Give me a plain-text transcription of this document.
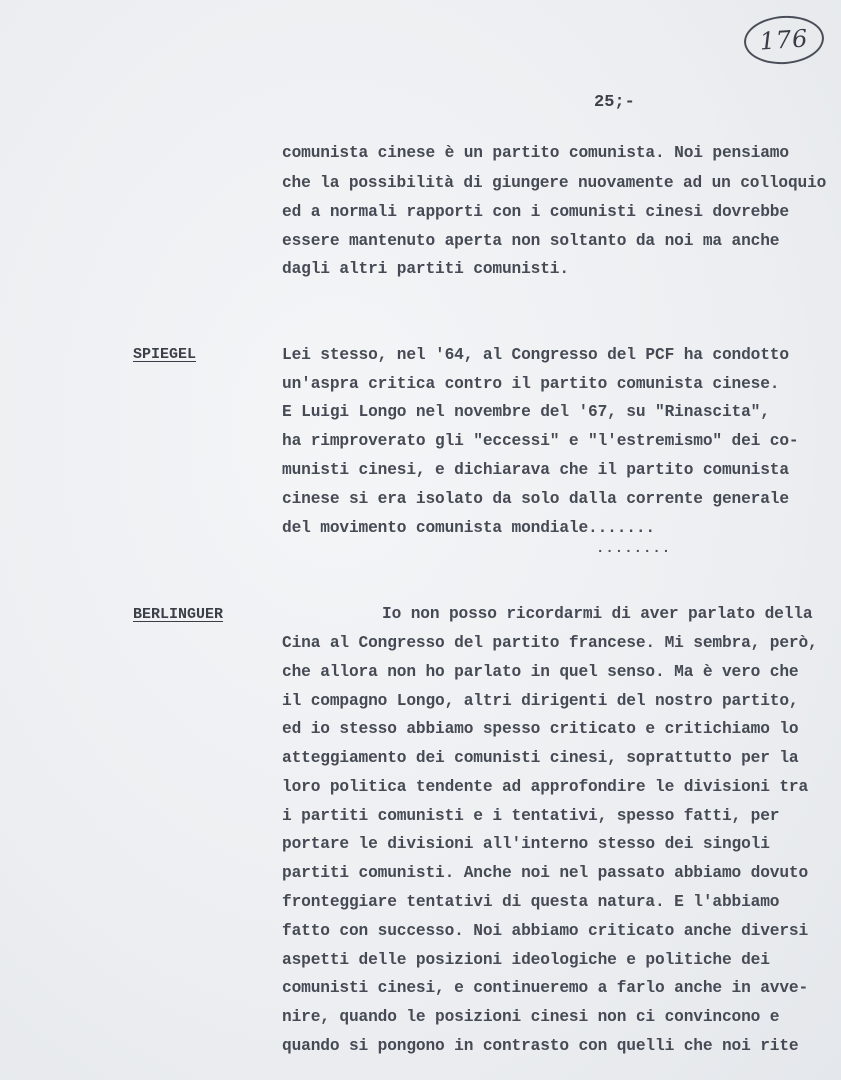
176
25;-
comunista cinese è un partito comunista. Noi pensiamo
che la possibilità di giungere nuovamente ad un colloquio
ed a normali rapporti con i comunisti cinesi dovrebbe
essere mantenuto aperta non soltanto da noi ma anche
dagli altri partiti comunisti.
SPIEGEL	Lei stesso, nel '64, al Congresso del PCF ha condotto
un'aspra critica contro il partito comunista cinese.
E Luigi Longo nel novembre del '67, su "Rinascita",
ha rimproverato gli "eccessi" e "l'estremismo" dei co-
munisti cinesi, e dichiarava che il partito comunista
cinese si era isolato da solo dalla corrente generale
del movimento comunista mondiale.......
........
BERLINGUER	Io non posso ricordarmi di aver parlato della
Cina al Congresso del partito francese. Mi sembra, però,
che allora non ho parlato in quel senso. Ma è vero che
il compagno Longo, altri dirigenti del nostro partito,
ed io stesso abbiamo spesso criticato e critichiamo lo
atteggiamento dei comunisti cinesi, soprattutto per la
loro politica tendente ad approfondire le divisioni tra
i partiti comunisti e i tentativi, spesso fatti, per
portare le divisioni all'interno stesso dei singoli
partiti comunisti. Anche noi nel passato abbiamo dovuto
fronteggiare tentativi di questa natura. E l'abbiamo
fatto con successo. Noi abbiamo criticato anche diversi
aspetti delle posizioni ideologiche e politiche dei
comunisti cinesi, e continueremo a farlo anche in avve-
nire, quando le posizioni cinesi non ci convincono e
quando si pongono in contrasto con quelli che noi rite
